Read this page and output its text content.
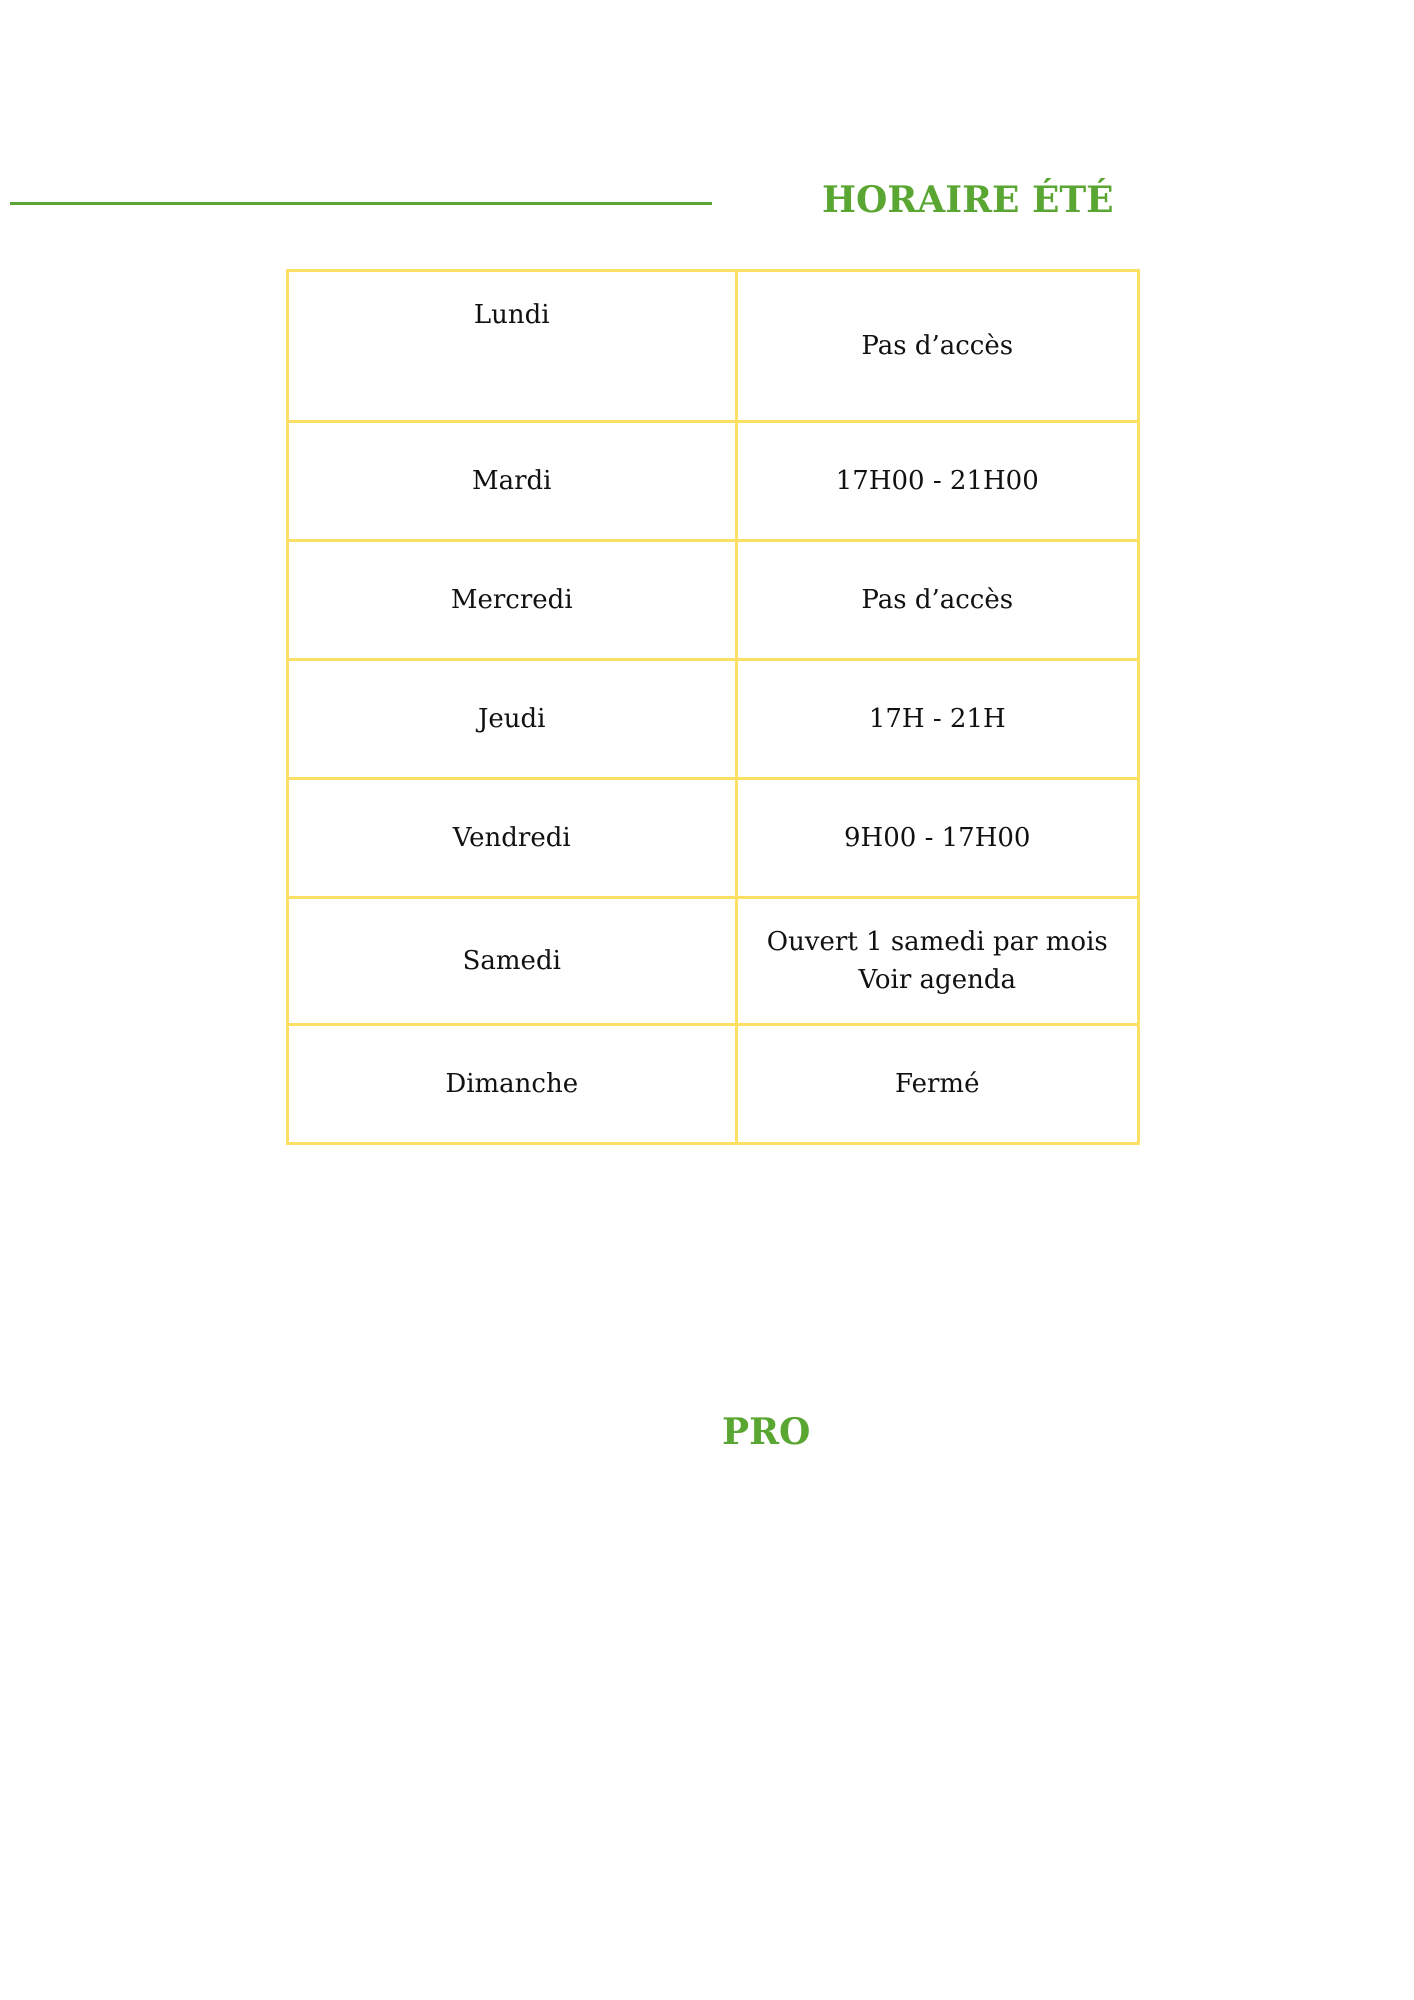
HORAIRE ÉTÉ
Lundi	Pas d’accès

Mardi	17H00 - 21H00

Mercredi	Pas d’accès

Jeudi	17H - 21H

Vendredi	9H00 - 17H00

Samedi	Ouvert 1 samedi par mois
Voir agenda

Dimanche	Fermé
PRO
